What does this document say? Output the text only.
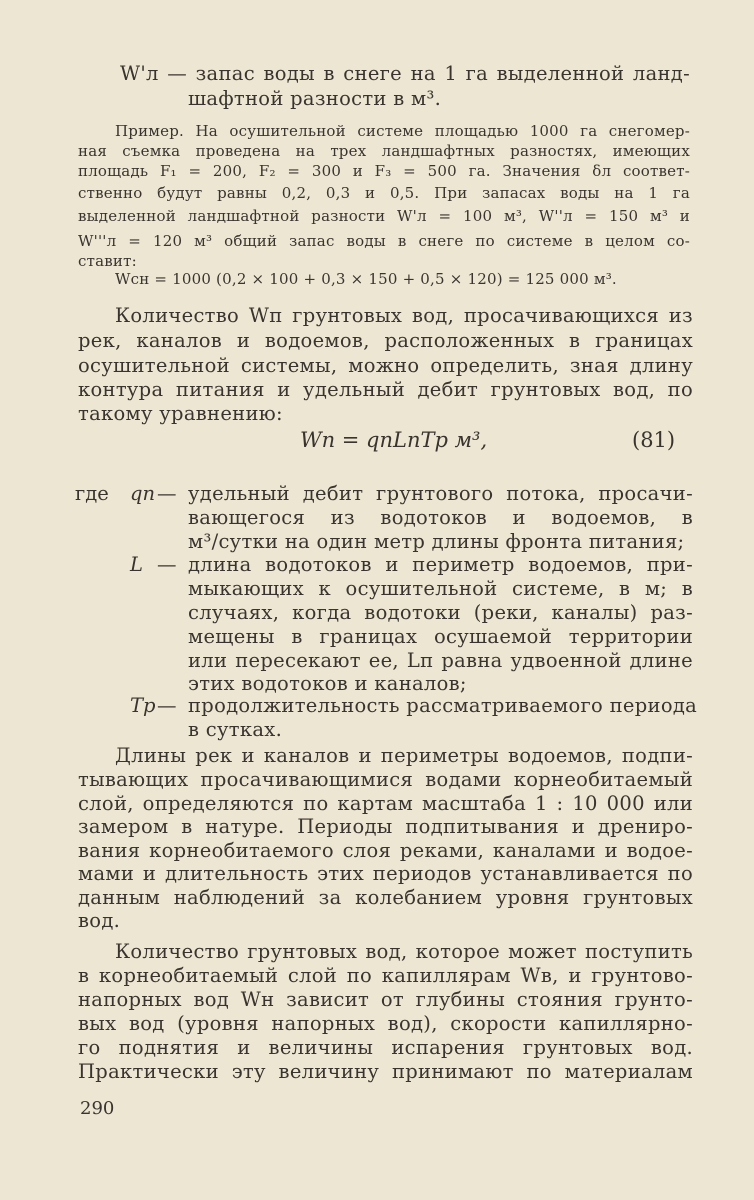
W'л — запас воды в снеге на 1 га выделенной ланд-
шафтной разности в м³.
Пример. На осушительной системе площадью 1000 га снегомер-
ная съемка проведена на трех ландшафтных разностях, имеющих
площадь F₁ = 200, F₂ = 300 и F₃ = 500 га. Значения δл соответ-
ственно будут равны 0,2, 0,3 и 0,5. При запасах воды на 1 га
выделенной ландшафтной разности W'л = 100 м³, W''л = 150 м³ и
W'''л = 120 м³ общий запас воды в снеге по системе в целом со-
ставит:
Wсн = 1000 (0,2 × 100 + 0,3 × 150 + 0,5 × 120) = 125 000 м³.
Количество Wп грунтовых вод, просачивающихся из
рек, каналов и водоемов, расположенных в границах
осушительной системы, можно определить, зная длину
контура питания и удельный дебит грунтовых вод, по
такому уравнению:
Wп = qпLпTр м³,	(81)
где qп — удельный дебит грунтового потока, просачи-
вающегося из водотоков и водоемов, в
м³/сутки на один метр длины фронта питания;
L — длина водотоков и периметр водоемов, при-
мыкающих к осушительной системе, в м; в
случаях, когда водотоки (реки, каналы) раз-
мещены в границах осушаемой территории
или пересекают ее, Lп равна удвоенной длине
этих водотоков и каналов;
Tр — продолжительность рассматриваемого периода
в сутках.
Длины рек и каналов и периметры водоемов, подпи-
тывающих просачивающимися водами корнеобитаемый
слой, определяются по картам масштаба 1 : 10 000 или
замером в натуре. Периоды подпитывания и дрениро-
вания корнеобитаемого слоя реками, каналами и водое-
мами и длительность этих периодов устанавливается по
данным наблюдений за колебанием уровня грунтовых
вод.
Количество грунтовых вод, которое может поступить
в корнеобитаемый слой по капиллярам Wв, и грунтово-
напорных вод Wн зависит от глубины стояния грунто-
вых вод (уровня напорных вод), скорости капиллярно-
го поднятия и величины испарения грунтовых вод.
Практически эту величину принимают по материалам
290
